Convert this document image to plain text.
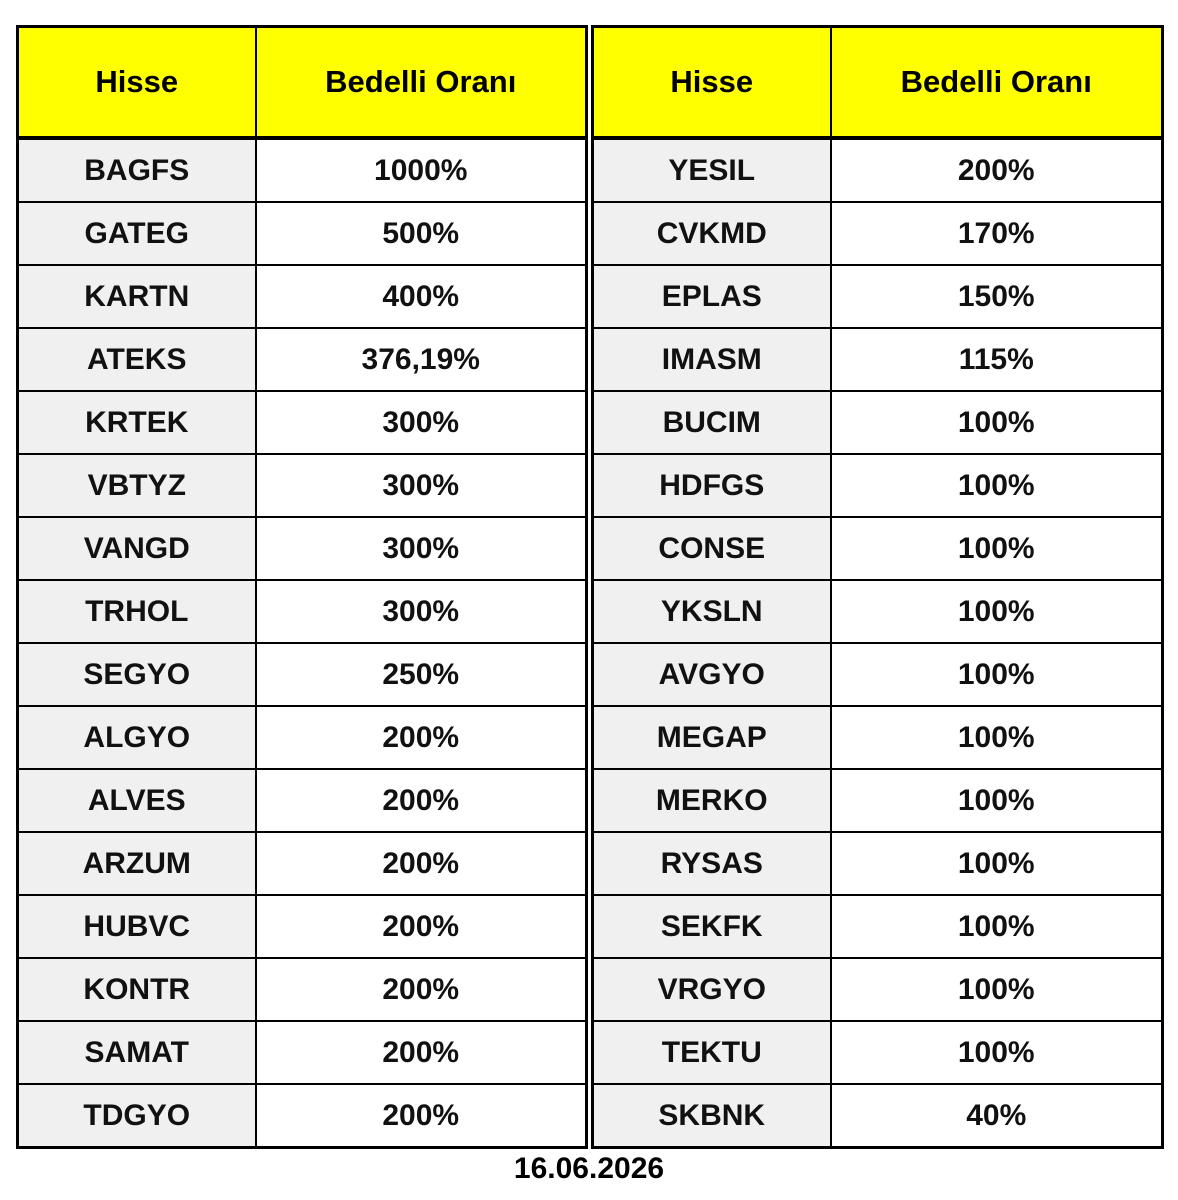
Hisse	Bedelli Oranı
BAGFS	1000%
GATEG	500%
KARTN	400%
ATEKS	376,19%
KRTEK	300%
VBTYZ	300%
VANGD	300%
TRHOL	300%
SEGYO	250%
ALGYO	200%
ALVES	200%
ARZUM	200%
HUBVC	200%
KONTR	200%
SAMAT	200%
TDGYO	200%
Hisse	Bedelli Oranı
YESIL	200%
CVKMD	170%
EPLAS	150%
IMASM	115%
BUCIM	100%
HDFGS	100%
CONSE	100%
YKSLN	100%
AVGYO	100%
MEGAP	100%
MERKO	100%
RYSAS	100%
SEKFK	100%
VRGYO	100%
TEKTU	100%
SKBNK	40%
16.06.2026
